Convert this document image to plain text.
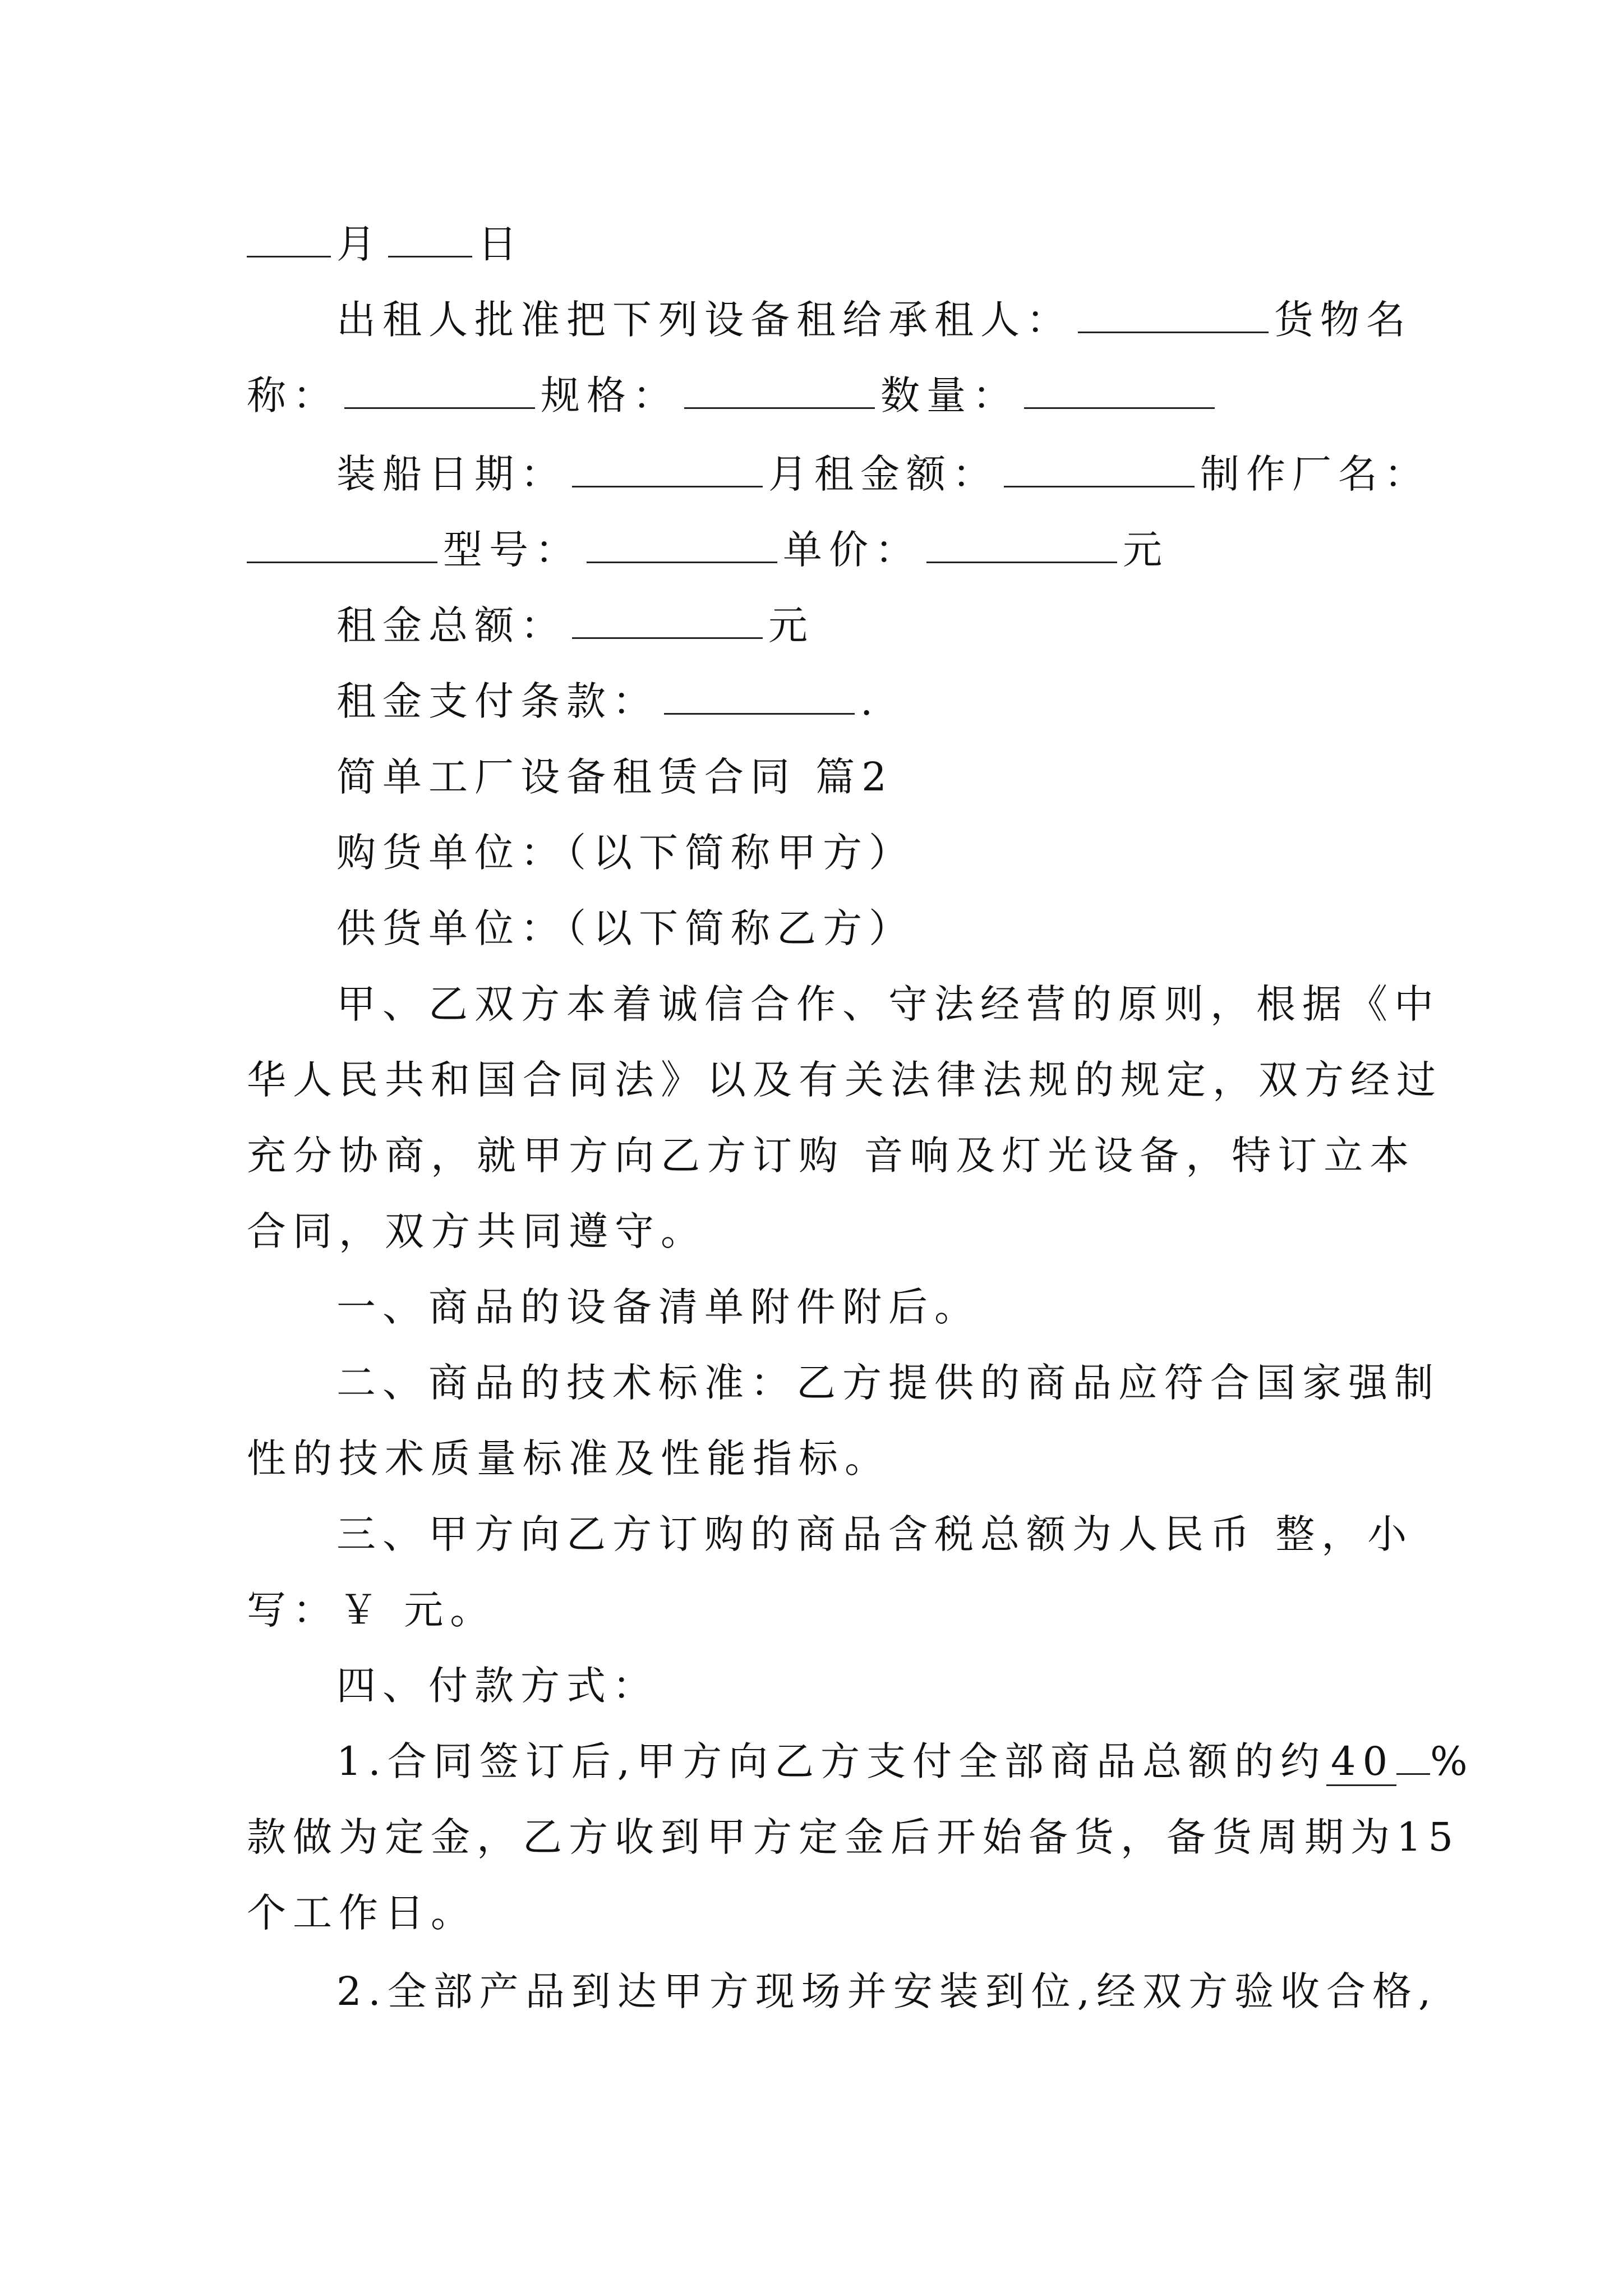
月 日
出租人批准把下列设备租给承租人：	货物名
称：	规格：	数量：
装船日期：	月租金额：	制作厂名：
型号：	单价：	元
租金总额：	元
租金支付条款：	.
简单工厂设备租赁合同 篇2
购货单位：（以下简称甲方）
供货单位：（以下简称乙方）
甲、乙双方本着诚信合作、守法经营的原则，根据《中
华人民共和国合同法》以及有关法律法规的规定，双方经过
充分协商，就甲方向乙方订购 音响及灯光设备，特订立本
合同，双方共同遵守。
一、商品的设备清单附件附后。
二、商品的技术标准：乙方提供的商品应符合国家强制
性的技术质量标准及性能指标。
三、甲方向乙方订购的商品含税总额为人民币 整，小
写：￥ 元。
四、付款方式：
1.合同签订后,甲方向乙方支付全部商品总额的约 40 %
款做为定金，乙方收到甲方定金后开始备货，备货周期为15
个工作日。
2.全部产品到达甲方现场并安装到位,经双方验收合格,
